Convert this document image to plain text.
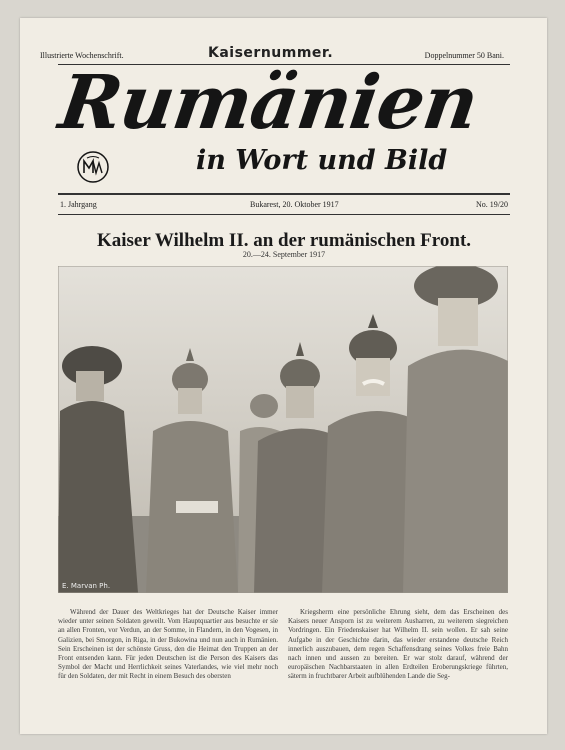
Illustrierte Wochenschrift.	Kaisernummer.	Doppelnummer 50 Bani.
Rumänien
in Wort und Bild
1. Jahrgang	Bukarest, 20. Oktober 1917	No. 19/20
Kaiser Wilhelm II. an der rumänischen Front.
20.—24. September 1917
E. Marvan Ph.
Während der Dauer des Weltkrieges hat der Deutsche Kaiser immer wieder unter seinen Soldaten geweilt. Vom Hauptquartier aus besuchte er sie an allen Fronten, vor Verdun, an der Somme, in Flandern, in den Vogesen, in Galizien, bei Smorgon, in Riga, in der Bukowina und nun auch in Rumänien. Sein Erscheinen ist der schönste Gruss, den die Heimat den Truppen an der Front entsenden kann. Für jeden Deutschen ist die Person des Kaisers das Symbol der Macht und Herrlichkeit seines Vaterlandes, wie viel mehr noch für den Soldaten, der mit Recht in einem Besuch des obersten
Kriegsherrn eine persönliche Ehrung sieht, dem das Erscheinen des Kaisers neuer Ansporn ist zu weiterem Ausharren, zu weiterem siegreichen Vordringen. Ein Friedenskaiser hat Wilhelm II. sein wollen. Er sah seine Aufgabe in der Geschichte darin, das wieder erstandene deutsche Reich innerlich auszubauen, dem regen Schaffensdrang seines Volkes freie Bahn nach innen und aussen zu bereiten. Er war stolz darauf, während der europäischen Nachbarstaaten in allen Erdteilen Eroberungskriege führten, säterm in fruchtbarer Arbeit aufblühenden Lande die Seg-
